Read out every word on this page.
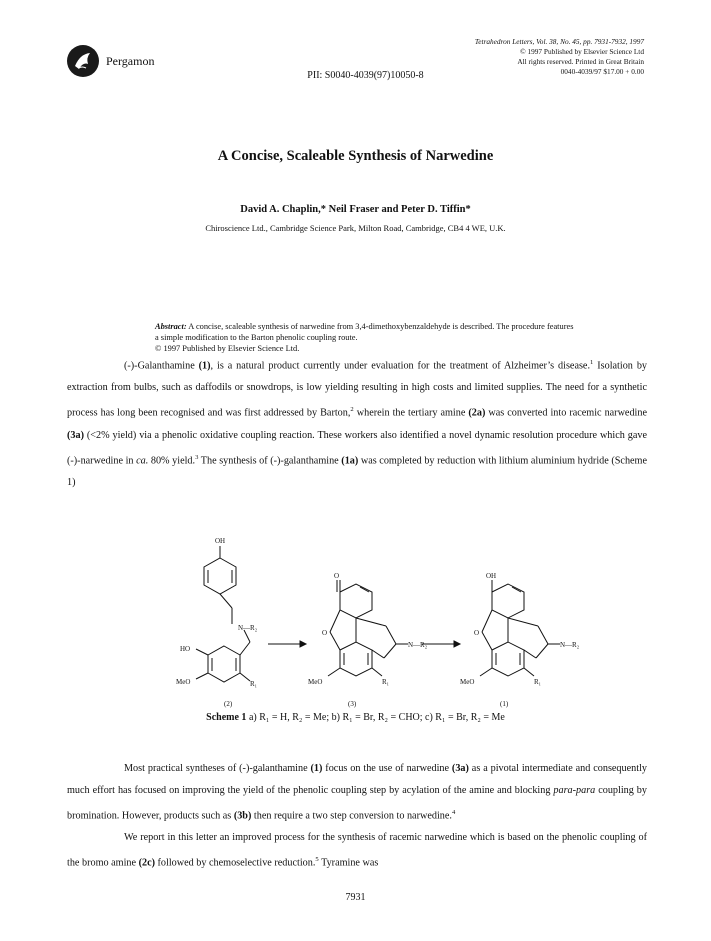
Pergamon
Tetrahedron Letters, Vol. 38, No. 45, pp. 7931-7932, 1997
© 1997 Published by Elsevier Science Ltd
All rights reserved. Printed in Great Britain
0040-4039/97 $17.00 + 0.00
PII: S0040-4039(97)10050-8
A Concise, Scaleable Synthesis of Narwedine
David A. Chaplin,* Neil Fraser and Peter D. Tiffin*
Chiroscience Ltd., Cambridge Science Park, Milton Road, Cambridge, CB4 4 WE, U.K.
Abstract: A concise, scaleable synthesis of narwedine from 3,4-dimethoxybenzaldehyde is described. The procedure features a simple modification to the Barton phenolic coupling route.
© 1997 Published by Elsevier Science Ltd.

(-)-Galanthamine (1), is a natural product currently under evaluation for the treatment of Alzheimer’s disease.$^1$ Isolation by extraction from bulbs, such as daffodils or snowdrops, is low yielding resulting in high costs and limited supplies. The need for a synthetic process has long been recognised and was first addressed by Barton,$^2$ wherein the tertiary amine (2a) was converted into racemic narwedine (3a) (<2% yield) via a phenolic oxidative coupling reaction. These workers also identified a novel dynamic resolution procedure which gave (-)-narwedine in ca. 80% yield.$^3$ The synthesis of (-)-galanthamine (1a) was completed by reduction with lithium aluminium hydride (Scheme 1)

OH
N—R₂
HO
MeO	R₁
O
O
N—R₂
MeO	R₁
OH
O
N—R₂
MeO	R₁
(2)	(3)	(1)
Scheme 1 a) R₁ = H, R₂ = Me; b) R₁ = Br, R₂ = CHO; c) R₁ = Br, R₂ = Me

Most practical syntheses of (-)-galanthamine (1) focus on the use of narwedine (3a) as a pivotal intermediate and consequently much effort has focused on improving the yield of the phenolic coupling step by acylation of the amine and blocking para-para coupling by bromination. However, products such as (3b) then require a two step conversion to narwedine.$^4$

We report in this letter an improved process for the synthesis of racemic narwedine which is based on the phenolic coupling of the bromo amine (2c) followed by chemoselective reduction.$^5$ Tyramine was

7931
